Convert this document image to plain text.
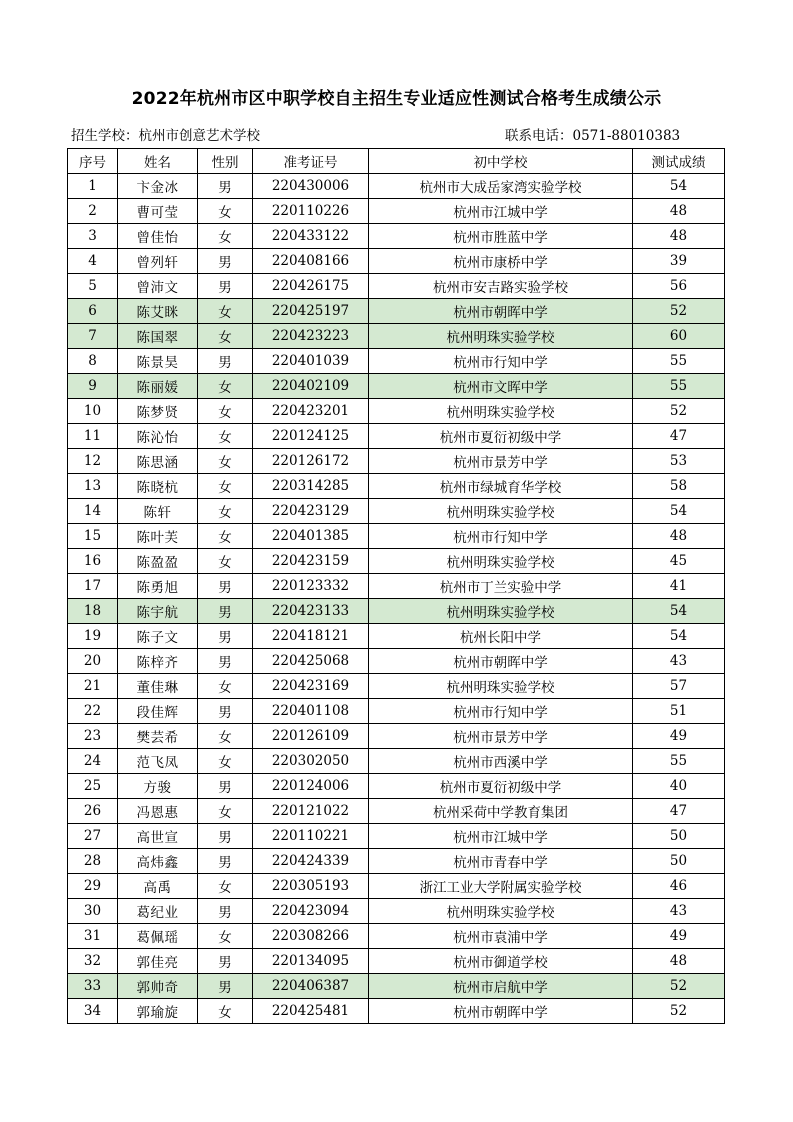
2022年杭州市区中职学校自主招生专业适应性测试合格考生成绩公示
招生学校：杭州市创意艺术学校	联系电话：0571-88010383
序号	姓名	性别	准考证号	初中学校	测试成绩
1	卞金冰	男	220430006	杭州市大成岳家湾实验学校	54
2	曹可莹	女	220110226	杭州市江城中学	48
3	曾佳怡	女	220433122	杭州市胜蓝中学	48
4	曾列轩	男	220408166	杭州市康桥中学	39
5	曾沛文	男	220426175	杭州市安吉路实验学校	56
6	陈艾眯	女	220425197	杭州市朝晖中学	52
7	陈国翠	女	220423223	杭州明珠实验学校	60
8	陈景昊	男	220401039	杭州市行知中学	55
9	陈丽媛	女	220402109	杭州市文晖中学	55
10	陈梦贤	女	220423201	杭州明珠实验学校	52
11	陈沁怡	女	220124125	杭州市夏衍初级中学	47
12	陈思涵	女	220126172	杭州市景芳中学	53
13	陈晓杭	女	220314285	杭州市绿城育华学校	58
14	陈轩	女	220423129	杭州明珠实验学校	54
15	陈叶芙	女	220401385	杭州市行知中学	48
16	陈盈盈	女	220423159	杭州明珠实验学校	45
17	陈勇旭	男	220123332	杭州市丁兰实验中学	41
18	陈宇航	男	220423133	杭州明珠实验学校	54
19	陈子文	男	220418121	杭州长阳中学	54
20	陈梓齐	男	220425068	杭州市朝晖中学	43
21	董佳琳	女	220423169	杭州明珠实验学校	57
22	段佳辉	男	220401108	杭州市行知中学	51
23	樊芸希	女	220126109	杭州市景芳中学	49
24	范飞凤	女	220302050	杭州市西溪中学	55
25	方骏	男	220124006	杭州市夏衍初级中学	40
26	冯恩惠	女	220121022	杭州采荷中学教育集团	47
27	高世宣	男	220110221	杭州市江城中学	50
28	高炜鑫	男	220424339	杭州市青春中学	50
29	高禹	女	220305193	浙江工业大学附属实验学校	46
30	葛纪业	男	220423094	杭州明珠实验学校	43
31	葛佩瑶	女	220308266	杭州市袁浦中学	49
32	郭佳亮	男	220134095	杭州市御道学校	48
33	郭帅奇	男	220406387	杭州市启航中学	52
34	郭瑜旋	女	220425481	杭州市朝晖中学	52
